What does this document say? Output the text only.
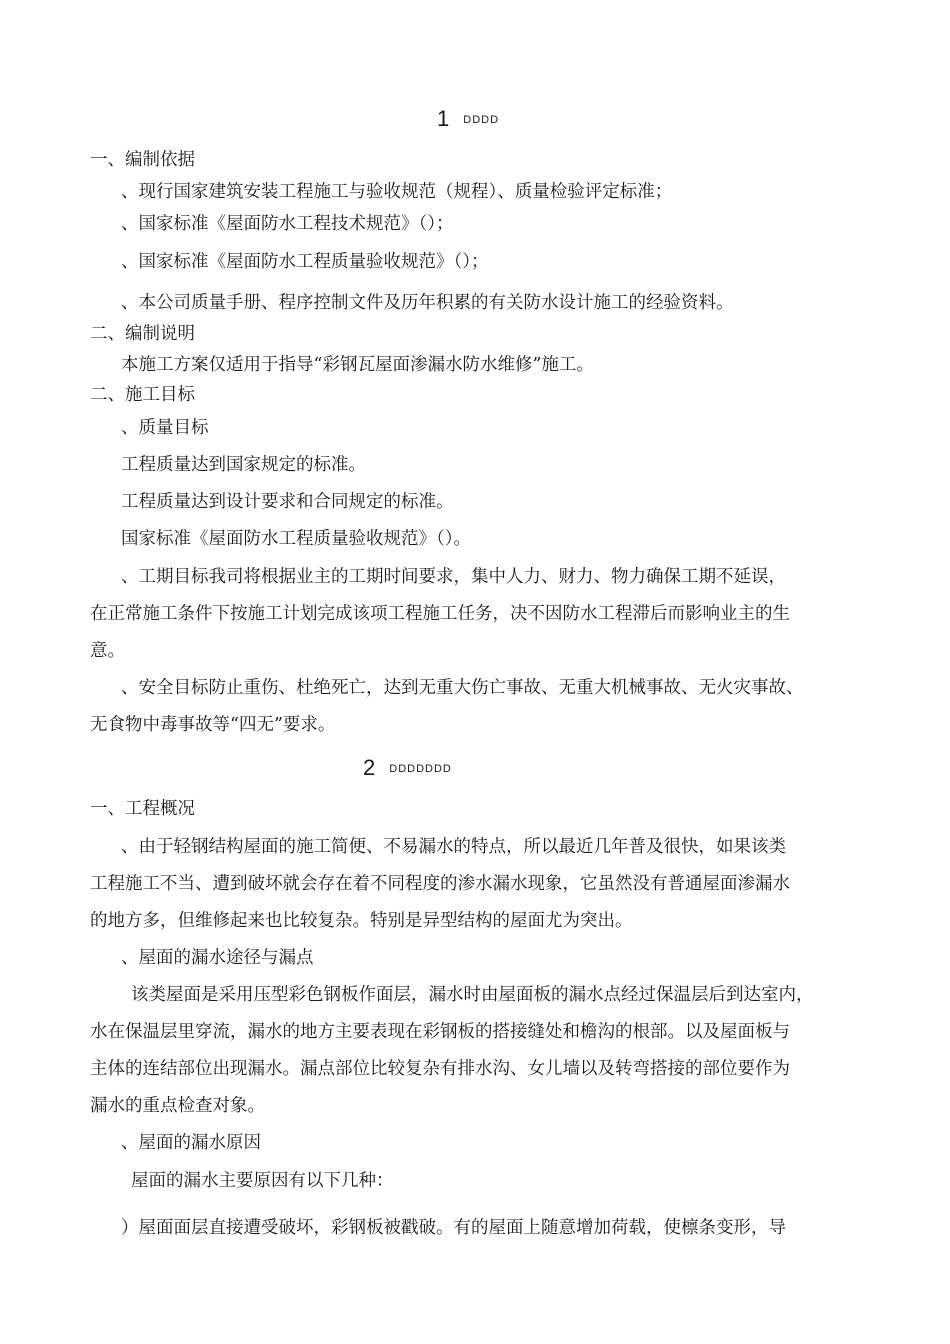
1 DDDD
一、编制依据
、现行国家建筑安装工程施工与验收规范（规程）、质量检验评定标准；
、国家标准《屋面防水工程技术规范》（）；
、国家标准《屋面防水工程质量验收规范》（）；
、本公司质量手册、程序控制文件及历年积累的有关防水设计施工的经验资料。
二、编制说明
本施工方案仅适用于指导“彩钢瓦屋面渗漏水防水维修”施工。
二、施工目标
、质量目标
工程质量达到国家规定的标准。
工程质量达到设计要求和合同规定的标准。
国家标准《屋面防水工程质量验收规范》（）。
、工期目标我司将根据业主的工期时间要求，集中人力、财力、物力确保工期不延误，
在正常施工条件下按施工计划完成该项工程施工任务，决不因防水工程滞后而影响业主的生
意。
、安全目标防止重伤、杜绝死亡，达到无重大伤亡事故、无重大机械事故、无火灾事故、
无食物中毒事故等“四无”要求。
2 DDDDDDD
一、工程概况
、由于轻钢结构屋面的施工简便、不易漏水的特点，所以最近几年普及很快，如果该类
工程施工不当、遭到破坏就会存在着不同程度的渗水漏水现象，它虽然没有普通屋面渗漏水
的地方多，但维修起来也比较复杂。特别是异型结构的屋面尤为突出。
、屋面的漏水途径与漏点
该类屋面是采用压型彩色钢板作面层，漏水时由屋面板的漏水点经过保温层后到达室内，
水在保温层里穿流，漏水的地方主要表现在彩钢板的搭接缝处和檐沟的根部。以及屋面板与
主体的连结部位出现漏水。漏点部位比较复杂有排水沟、女儿墙以及转弯搭接的部位要作为
漏水的重点检查对象。
、屋面的漏水原因
屋面的漏水主要原因有以下几种：
）屋面面层直接遭受破坏，彩钢板被戳破。有的屋面上随意增加荷载，使檩条变形，导
